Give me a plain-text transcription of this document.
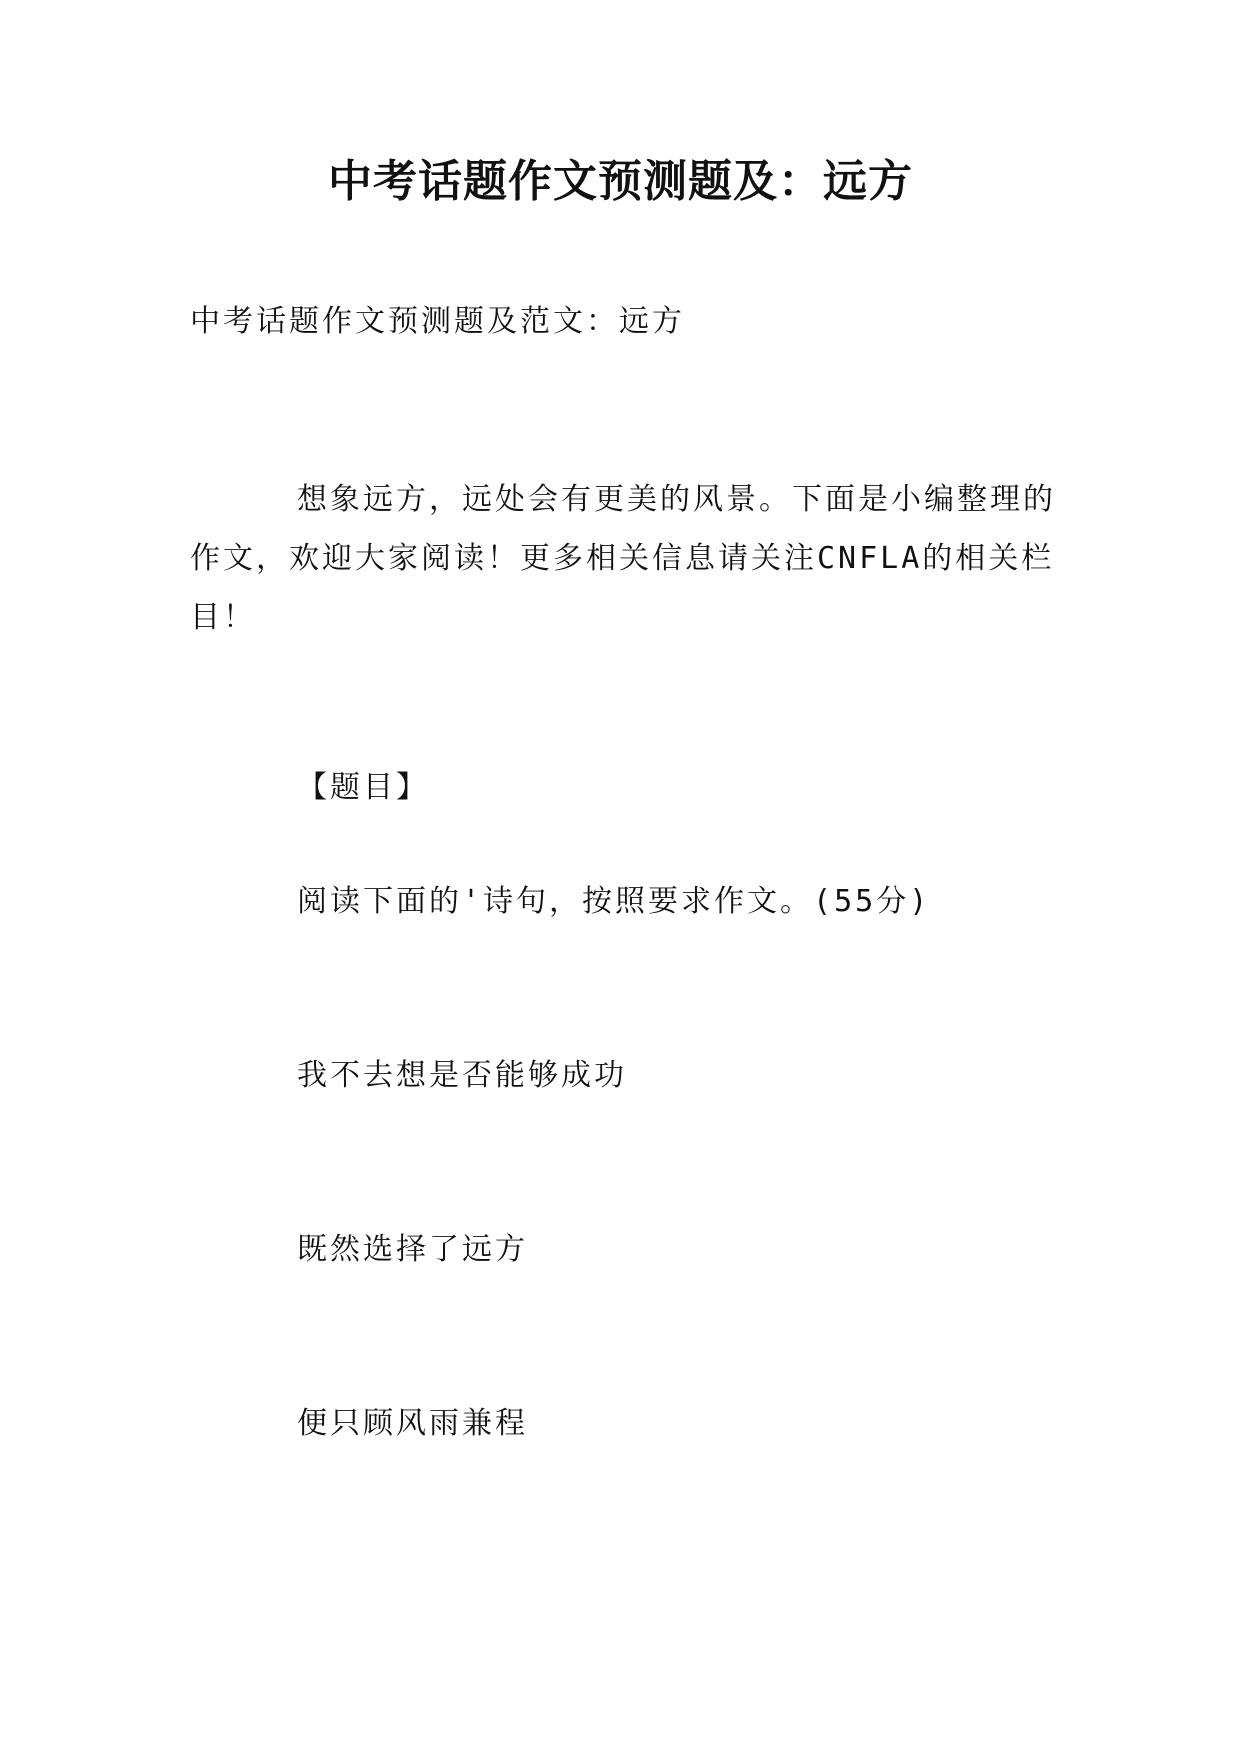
中考话题作文预测题及：远方
中考话题作文预测题及范文：远方
想象远方，远处会有更美的风景。下面是小编整理的
作文，欢迎大家阅读！更多相关信息请关注CNFLA的相关栏
目！
【题目】
阅读下面的'诗句，按照要求作文。(55分)
我不去想是否能够成功
既然选择了远方
便只顾风雨兼程
